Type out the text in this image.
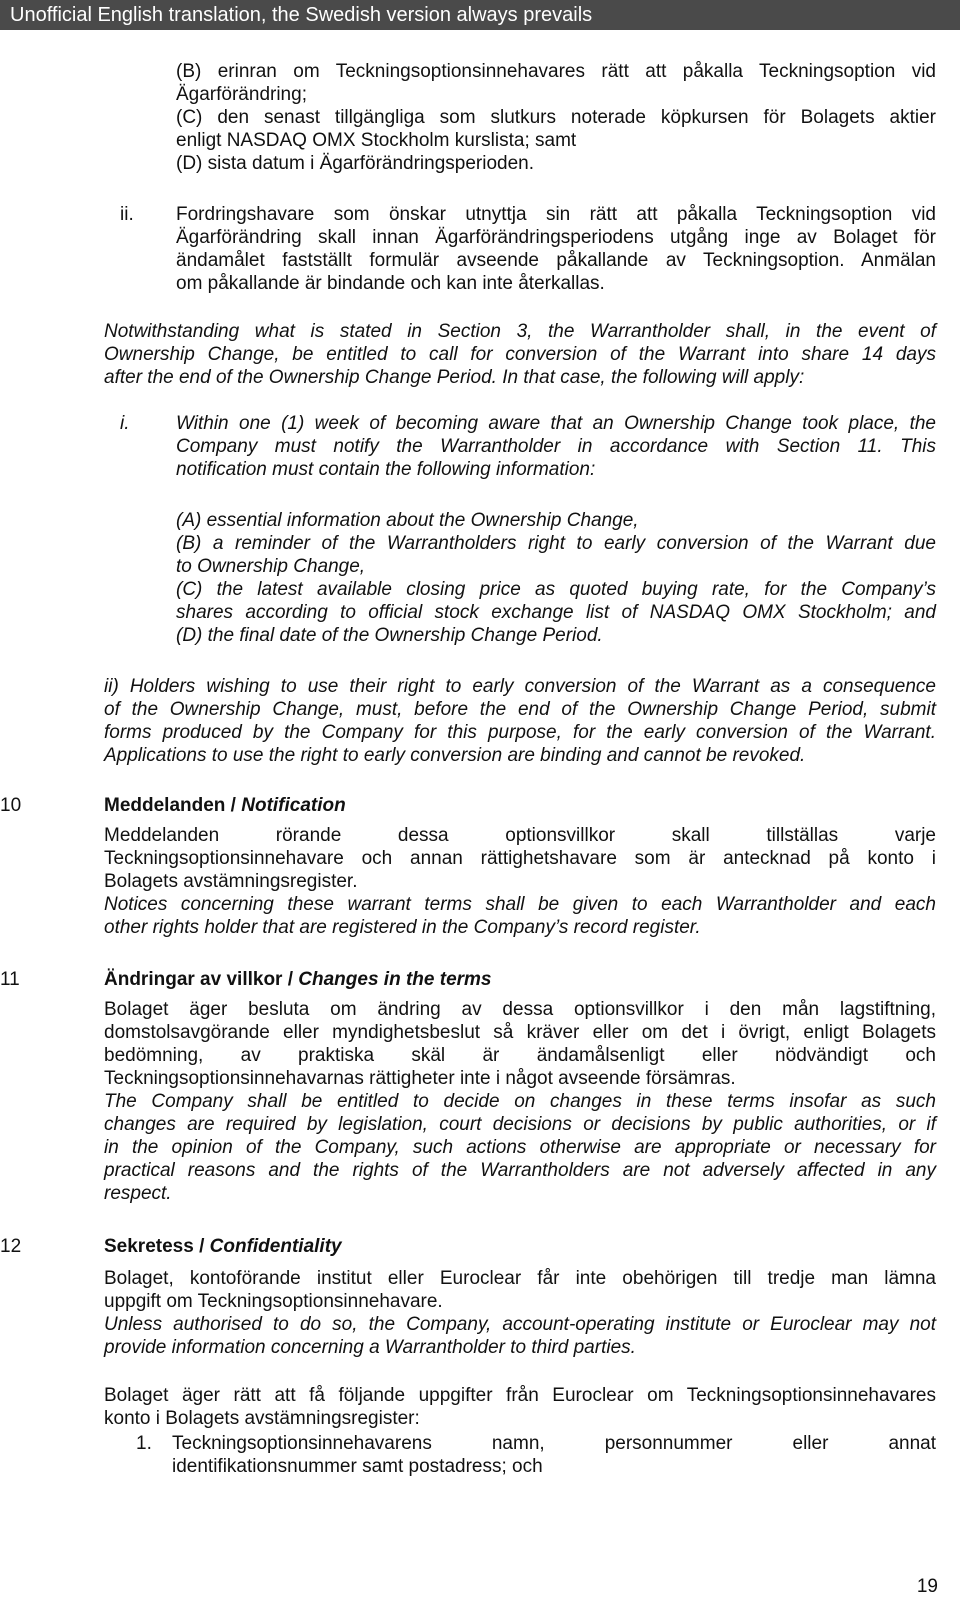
Unofficial English translation, the Swedish version always prevails
(B) erinran om Teckningsoptionsinnehavares rätt att påkalla Teckningsoption vid
Ägarförändring;
(C) den senast tillgängliga som slutkurs noterade köpkursen för Bolagets aktier
enligt NASDAQ OMX Stockholm kurslista; samt
(D) sista datum i Ägarförändringsperioden.
ii. Fordringshavare som önskar utnyttja sin rätt att påkalla Teckningsoption vid
Ägarförändring skall innan Ägarförändringsperiodens utgång inge av Bolaget för
ändamålet fastställt formulär avseende påkallande av Teckningsoption. Anmälan
om påkallande är bindande och kan inte återkallas.
Notwithstanding what is stated in Section 3, the Warrantholder shall, in the event of
Ownership Change, be entitled to call for conversion of the Warrant into share 14 days
after the end of the Ownership Change Period. In that case, the following will apply:
i. Within one (1) week of becoming aware that an Ownership Change took place, the
Company must notify the Warrantholder in accordance with Section 11. This
notification must contain the following information:
(A) essential information about the Ownership Change,
(B) a reminder of the Warrantholders right to early conversion of the Warrant due
to Ownership Change,
(C) the latest available closing price as quoted buying rate, for the Company’s
shares according to official stock exchange list of NASDAQ OMX Stockholm; and
(D) the final date of the Ownership Change Period.
ii) Holders wishing to use their right to early conversion of the Warrant as a consequence
of the Ownership Change, must, before the end of the Ownership Change Period, submit
forms produced by the Company for this purpose, for the early conversion of the Warrant.
Applications to use the right to early conversion are binding and cannot be revoked.
10	Meddelanden / Notification
Meddelanden rörande dessa optionsvillkor skall tillställas varje
Teckningsoptionsinnehavare och annan rättighetshavare som är antecknad på konto i
Bolagets avstämningsregister.
Notices concerning these warrant terms shall be given to each Warrantholder and each
other rights holder that are registered in the Company’s record register.
11	Ändringar av villkor / Changes in the terms
Bolaget äger besluta om ändring av dessa optionsvillkor i den mån lagstiftning,
domstolsavgörande eller myndighetsbeslut så kräver eller om det i övrigt, enligt Bolagets
bedömning, av praktiska skäl är ändamålsenligt eller nödvändigt och
Teckningsoptionsinnehavarnas rättigheter inte i något avseende försämras.
The Company shall be entitled to decide on changes in these terms insofar as such
changes are required by legislation, court decisions or decisions by public authorities, or if
in the opinion of the Company, such actions otherwise are appropriate or necessary for
practical reasons and the rights of the Warrantholders are not adversely affected in any
respect.
12	Sekretess / Confidentiality
Bolaget, kontoförande institut eller Euroclear får inte obehörigen till tredje man lämna
uppgift om Teckningsoptionsinnehavare.
Unless authorised to do so, the Company, account-operating institute or Euroclear may not
provide information concerning a Warrantholder to third parties.
Bolaget äger rätt att få följande uppgifter från Euroclear om Teckningsoptionsinnehavares
konto i Bolagets avstämningsregister:
1. Teckningsoptionsinnehavarens namn, personnummer eller annat
identifikationsnummer samt postadress; och
19
